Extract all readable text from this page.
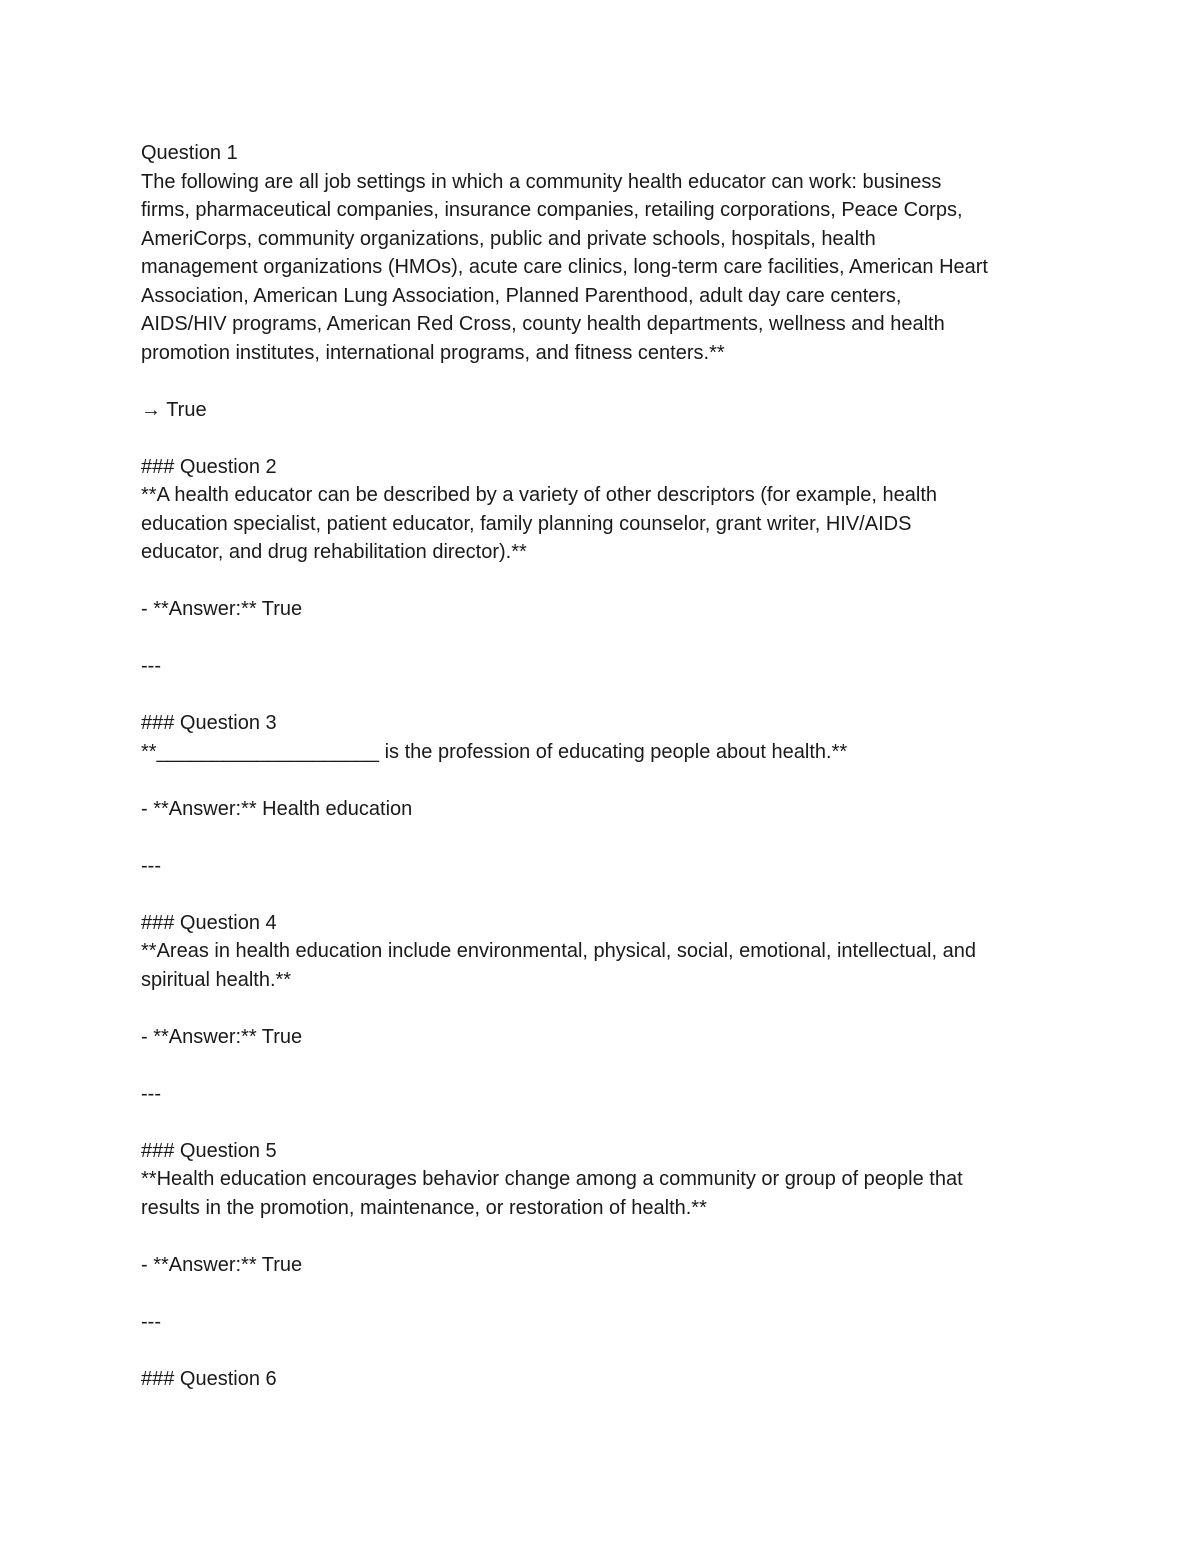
Question 1

The following are all job settings in which a community health educator can work: business

firms, pharmaceutical companies, insurance companies, retailing corporations, Peace Corps,

AmeriCorps, community organizations, public and private schools, hospitals, health

management organizations (HMOs), acute care clinics, long-term care facilities, American Heart

Association, American Lung Association, Planned Parenthood, adult day care centers,

AIDS/HIV programs, American Red Cross, county health departments, wellness and health

promotion institutes, international programs, and fitness centers.**

→ True

### Question 2

**A health educator can be described by a variety of other descriptors (for example, health

education specialist, patient educator, family planning counselor, grant writer, HIV/AIDS

educator, and drug rehabilitation director).**

- **Answer:** True

---

### Question 3

**____________________ is the profession of educating people about health.**

- **Answer:** Health education

---

### Question 4

**Areas in health education include environmental, physical, social, emotional, intellectual, and

spiritual health.**

- **Answer:** True

---

### Question 5

**Health education encourages behavior change among a community or group of people that

results in the promotion, maintenance, or restoration of health.**

- **Answer:** True

---

### Question 6
